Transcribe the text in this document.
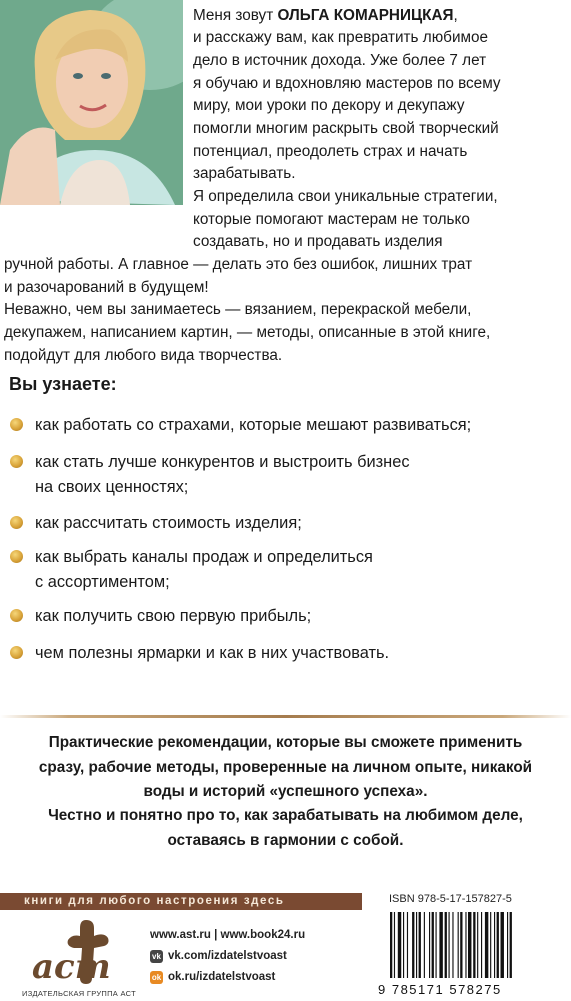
Меня зовут ОЛЬГА КОМАРНИЦКАЯ,
и расскажу вам, как превратить любимое
дело в источник дохода. Уже более 7 лет
я обучаю и вдохновляю мастеров по всему
миру, мои уроки по декору и декупажу
помогли многим раскрыть свой творческий
потенциал, преодолеть страх и начать
зарабатывать.
Я определила свои уникальные стратегии,
которые помогают мастерам не только
создавать, но и продавать изделия
ручной работы. А главное — делать это без ошибок, лишних трат
и разочарований в будущем!
Неважно, чем вы занимаетесь — вязанием, перекраской мебели,
декупажем, написанием картин, — методы, описанные в этой книге,
подойдут для любого вида творчества.
Вы узнаете:
как работать со страхами, которые мешают развиваться;
как стать лучше конкурентов и выстроить бизнес
на своих ценностях;
как рассчитать стоимость изделия;
как выбрать каналы продаж и определиться
с ассортиментом;
как получить свою первую прибыль;
чем полезны ярмарки и как в них участвовать.
Практические рекомендации, которые вы сможете применить
сразу, рабочие методы, проверенные на личном опыте, никакой
воды и историй «успешного успеха».
Честно и понятно про то, как зарабатывать на любимом деле,
оставаясь в гармонии с собой.
книги для любого настроения здесь
аст
ИЗДАТЕЛЬСКАЯ ГРУППА АСТ
www.ast.ru | www.book24.ru
vk vk.com/izdatelstvoast
ok ok.ru/izdatelstvoast
ISBN 978-5-17-157827-5
9 785171 578275
